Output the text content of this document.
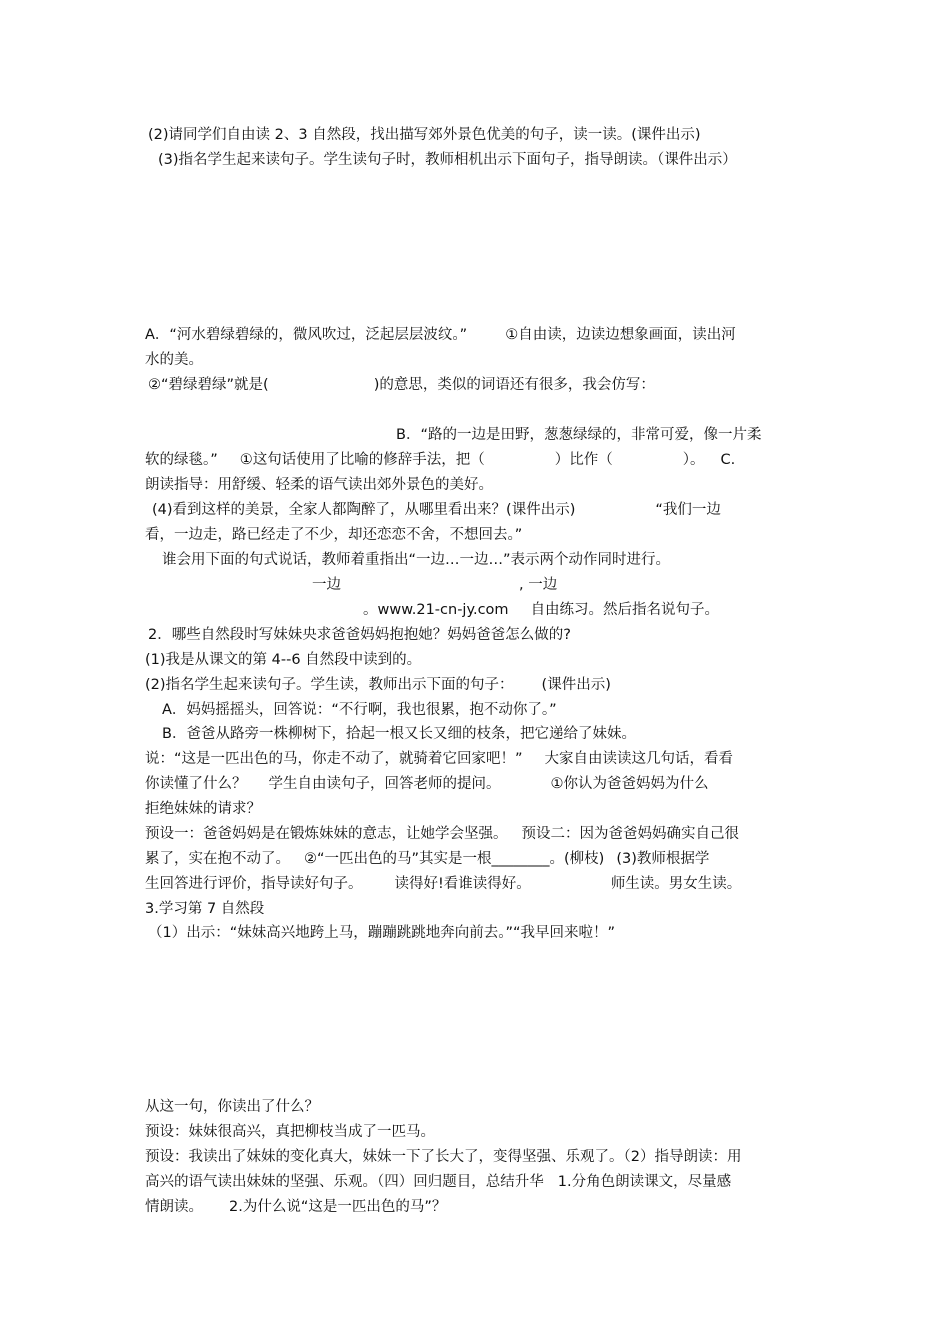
(2)请同学们自由读 2、3 自然段，找出描写郊外景色优美的句子，读一读。(课件出示)
(3)指名学生起来读句子。学生读句子时，教师相机出示下面句子，指导朗读。（课件出示）
A．“河水碧绿碧绿的，微风吹过，泛起层层波纹。”	①自由读，边读边想象画面，读出河
水的美。
②“碧绿碧绿”就是(	)的意思，类似的词语还有很多，我会仿写：
B．“路的一边是田野，葱葱绿绿的，非常可爱，像一片柔
软的绿毯。” ①这句话使用了比喻的修辞手法，把（	）比作（	）。 C.
朗读指导：用舒缓、轻柔的语气读出郊外景色的美好。
(4)看到这样的美景，全家人都陶醉了，从哪里看出来？(课件出示)	“我们一边
看，一边走，路已经走了不少，却还恋恋不舍，不想回去。”
谁会用下面的句式说话，教师着重指出“一边…一边…”表示两个动作同时进行。
一边	, 一边
。www.21-cn-jy.com 自由练习。然后指名说句子。
2．哪些自然段时写妹妹央求爸爸妈妈抱抱她？妈妈爸爸怎么做的?
(1)我是从课文的第 4--6 自然段中读到的。
(2)指名学生起来读句子。学生读，教师出示下面的句子： (课件出示)
A．妈妈摇摇头，回答说：“不行啊，我也很累，抱不动你了。”
B．爸爸从路旁一株柳树下，拾起一根又长又细的枝条，把它递给了妹妹。
说：“这是一匹出色的马，你走不动了，就骑着它回家吧！” 大家自由读读这几句话，看看
你读懂了什么？ 学生自由读句子，回答老师的提问。	①你认为爸爸妈妈为什么
拒绝妹妹的请求？
预设一：爸爸妈妈是在锻炼妹妹的意志，让她学会坚强。 预设二：因为爸爸妈妈确实自己很
累了，实在抱不动了。 ②“一匹出色的马”其实是一根________。(柳枝) (3)教师根据学
生回答进行评价，指导读好句子。 读得好!看谁读得好。	师生读。男女生读。
3.学习第 7 自然段
（1）出示：“妹妹高兴地跨上马，蹦蹦跳跳地奔向前去。”“我早回来啦！”
从这一句，你读出了什么？
预设：妹妹很高兴，真把柳枝当成了一匹马。
预设：我读出了妹妹的变化真大，妹妹一下了长大了，变得坚强、乐观了。（2）指导朗读：用
高兴的语气读出妹妹的坚强、乐观。（四）回归题目，总结升华 1.分角色朗读课文，尽量感
情朗读。 2.为什么说“这是一匹出色的马”？
